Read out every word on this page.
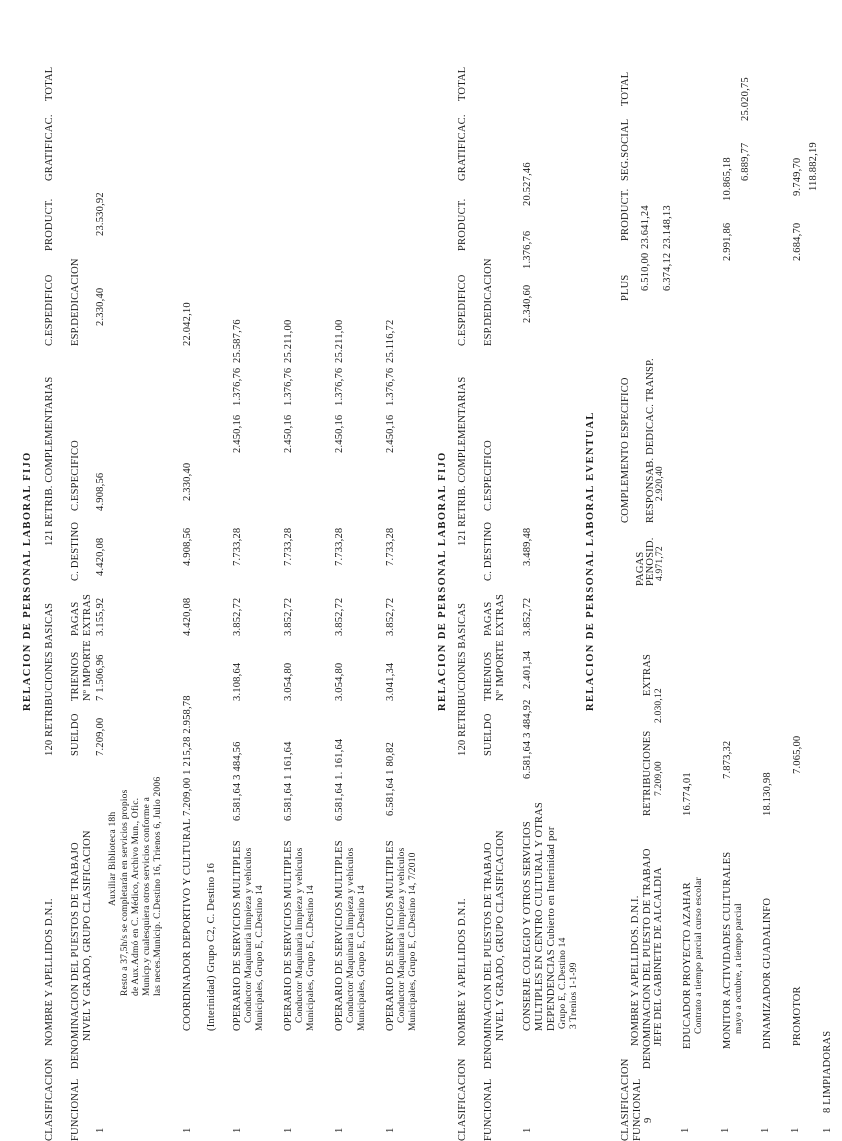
RELACION DE PERSONAL LABORAL FIJO
CLASIFICACION
NOMBRE Y APELLIDOS D.N.I.
120 RETRIBUCIONES BASICAS
121 RETRIB. COMPLEMENTARIAS
C.ESPEDIFICO
PRODUCT.
GRATIFICAC.
TOTAL
FUNCIONAL
DENOMINACION DEL PUESTOS DE TRABAJO
SUELDO
TRIENIOS
PAGAS
C. DESTINO
C.ESPECIFICO
ESP.DEDICACION
NIVEL Y GRADO, GRUPO CLASIFICACION
Nº IMPORTE
EXTRAS
1
Auxiliar Biblioteca 18h Resto a 37,5h/s se completarán en servicios propios de Aux.Admó en C. Médico, Archivo Mun., Ofic. Municp.y cualesquiera otros servicios conforme a las neces.Municip. C.Destino 16, Trienos 6, Julio 2006
7.209,00
7 1.506,96
3.155,92
4.420,08
4.908,56
2.330,40
23.530,92
1
COORDINADOR DEPORTIVO Y CULTURAL 7.209,00 1 215,28 2.958,78 (Interinidad) Grupo C2, C. Destino 16
4.420,08
4.908,56
2.330,40
22.042,10
1
OPERARIO DE SERVICIOS MULTIPLES Conductor Maquinaria limpieza y vehículos Municipales, Grupo E, C.Destino 14
6.581,64 3 484,56
3.108,64
3.852,72
7.733,28
2.450,16
1.376,76
25.587,76
1
OPERARIO DE SERVICIOS MULTIPLES Conductor Maquinaria limpieza y vehículos Municipales, Grupo E, C.Destino 14
6.581,64 1 161,64
3.054,80
3.852,72
7.733,28
2.450,16
1.376,76
25.211,00
1
OPERARIO DE SERVICIOS MULTIPLES Conductor Maquinaria limpieza y vehículos Municipales, Grupo E, C.Destino 14
6.581,64 1. 161,64
3.054,80
3.852,72
7.733,28
2.450,16
1.376,76
25.211,00
1
OPERARIO DE SERVICIOS MULTIPLES Conductor Maquinaria limpieza y vehículos Municipales, Grupo E, C.Destino 14, 7/2010
6.581,64 1 80,82
3.041,34
3.852,72
7.733,28
2.450,16
1.376,76
25.116,72
RELACION DE PERSONAL LABORAL FIJO
CLASIFICACION
NOMBRE Y APELLIDOS D.N.I.
120 RETRIBUCIONES BASICAS
121 RETRIB. COMPLEMENTARIAS
C.ESPEDIFICO
PRODUCT.
GRATIFICAC.
TOTAL
FUNCIONAL
DENOMINACION DEL PUESTOS DE TRABAJO
SUELDO
TRIENIOS
PAGAS
C. DESTINO
C.ESPECIFICO
ESP.DEDICACION
NIVEL Y GRADO, GRUPO CLASIFICACION
Nº IMPORTE
EXTRAS
1
CONSERJE COLEGIO Y OTROS SERVICIOS MULTIPLES EN CENTRO CULTURAL Y OTRAS DEPENDENCIAS Cubierto en Interinidad por Grupo E, C.Destino 14 3 Trenios 1-1-99
6.581,64 3 484,92
2.401,34
3.852,72
3.489,48
2.340,60
1.376,76
20.527,46
RELACION DE PERSONAL LABORAL EVENTUAL	PAGAS
COMPLEMENTO ESPECIFICO
PLUS
PRODUCT.
SEG.SOCIAL
TOTAL
CLASIFICACION
NOMBRE Y APELLIDOS. D.N.I.
FUNCIONAL
DENOMINACION DEL PUESTO DE TRABAJO
RETRIBUCIONES
EXTRAS
PENOSID.
RESPONSAB. DEDICAC. TRANSP.
9
JEFE DEL GABINETE DE ALCALDIA
7.209,00
2.030,12
4.971,72
2.920,40
6.510,00
23.641,24
1
EDUCADOR PROYECTO AZAHAR Contrato a tiempo parcial curso escolar
16.774,01
6.374,12
23.148,13
1
MONITOR ACTIVIDADES CULTURALES mayo a octubre, a tiempo parcial
7.873,32
2.991,86
10.865,18
1
DINAMIZADOR GUADALINFO
18.130,98
6.889,77
25.020,75
1
PROMOTOR
7.065,00
2.684,70
9.749,70
1
8 LIMPIADORAS
118.882,19
